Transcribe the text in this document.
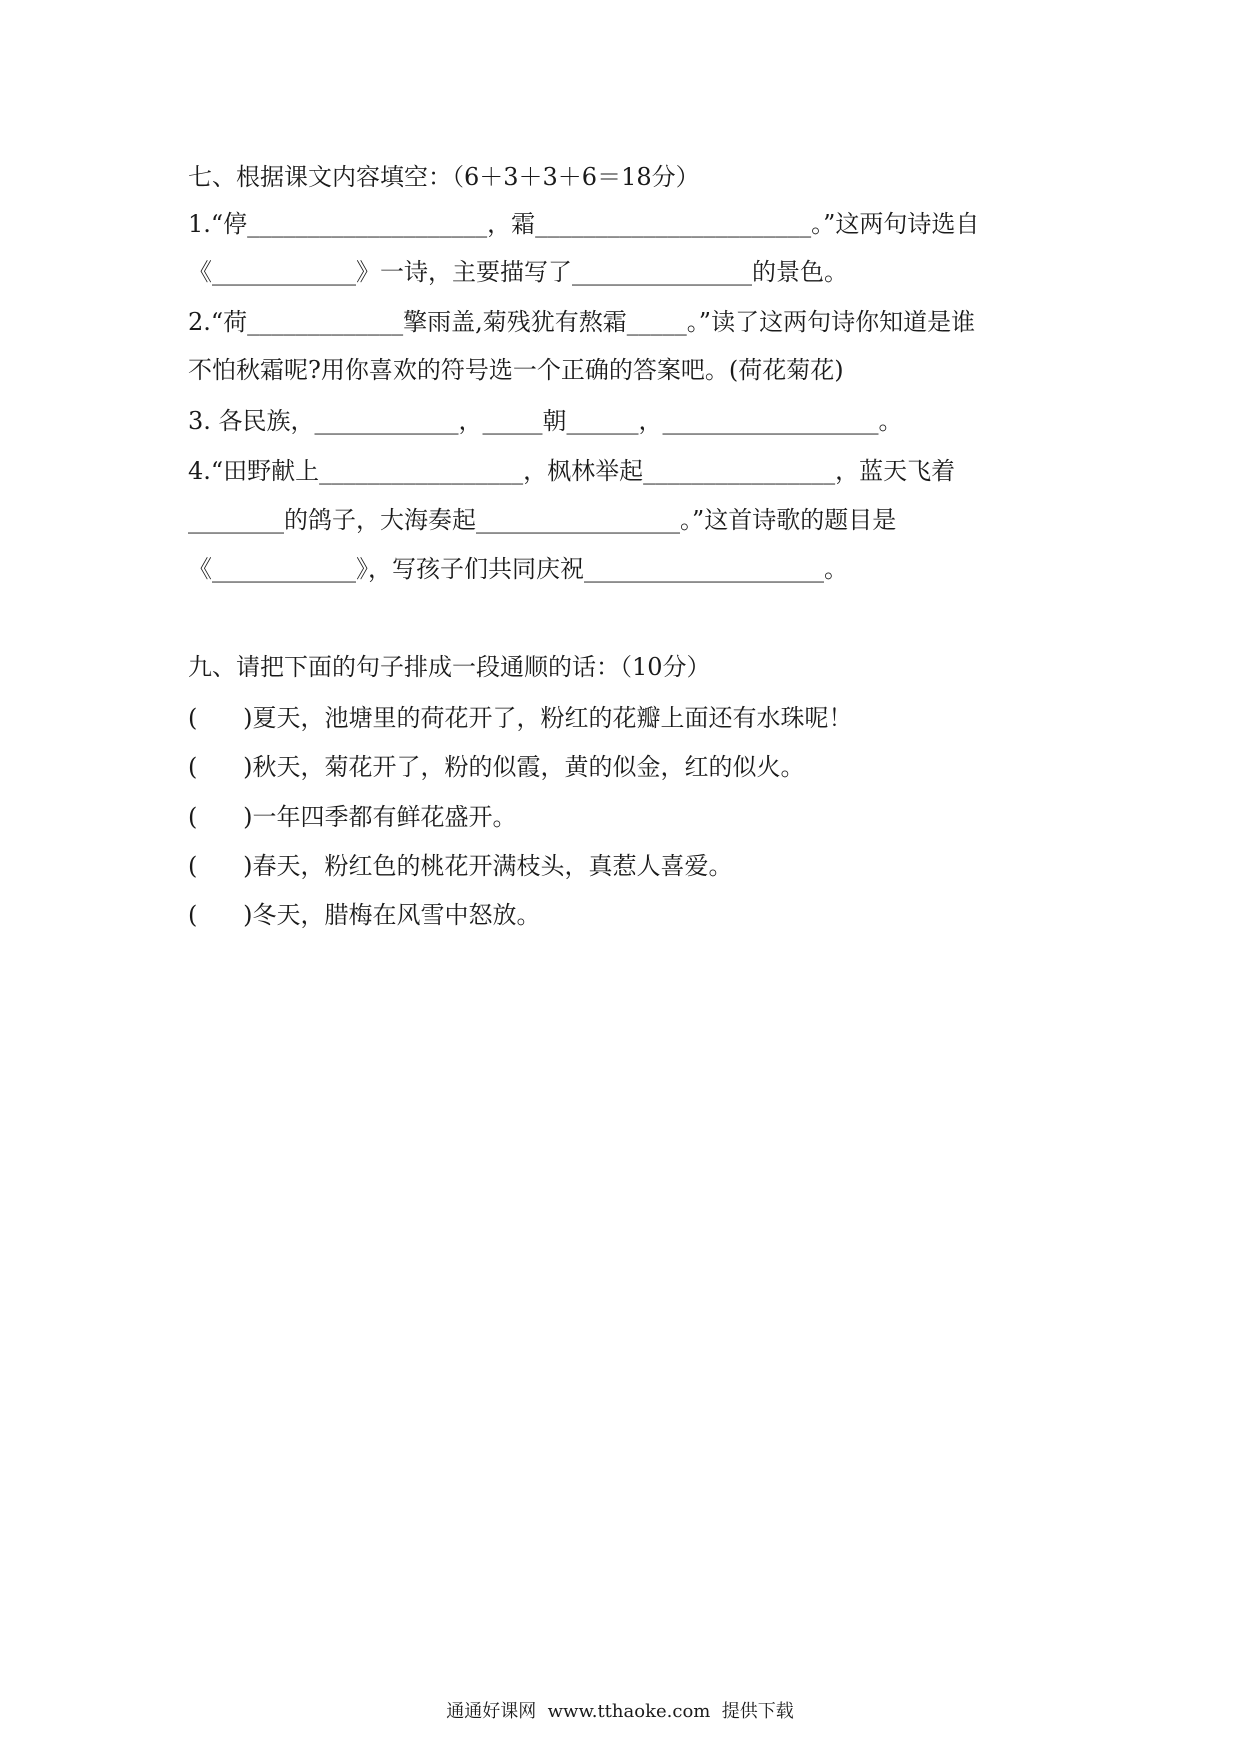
七、根据课文内容填空：（6＋3＋3＋6＝18分）
1.“停____________________，霜_______________________。”这两句诗选自
《____________》一诗，主要描写了_______________的景色。
2.“荷_____________擎雨盖,菊残犹有熬霜_____。”读了这两句诗你知道是谁
不怕秋霜呢?用你喜欢的符号选一个正确的答案吧。(荷花菊花)
3. 各民族，____________，_____朝______，__________________。
4.“田野献上_________________，枫林举起________________，蓝天飞着
________的鸽子，大海奏起_________________。”这首诗歌的题目是
《____________》，写孩子们共同庆祝____________________。
九、请把下面的句子排成一段通顺的话：（10分）
(      )夏天，池塘里的荷花开了，粉红的花瓣上面还有水珠呢！
(      )秋天，菊花开了，粉的似霞，黄的似金，红的似火。
(      )一年四季都有鲜花盛开。
(      )春天，粉红色的桃花开满枝头，真惹人喜爱。
(      )冬天，腊梅在风雪中怒放。
通通好课网  www.tthaoke.com  提供下载
